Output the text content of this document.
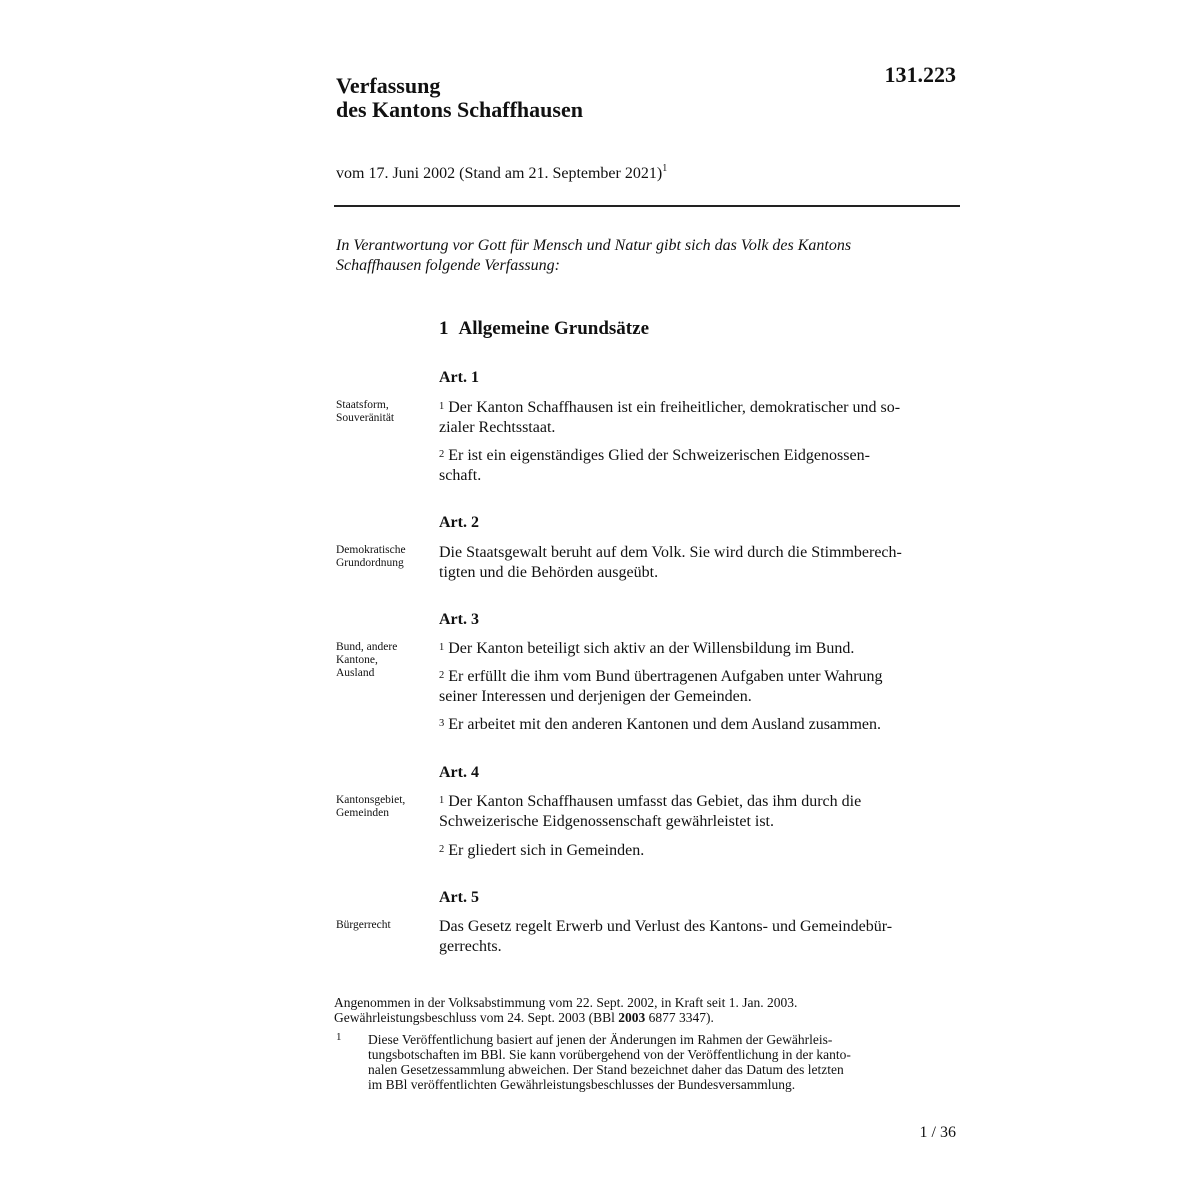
Verfassung
des Kantons Schaffhausen
131.223
vom 17. Juni 2002 (Stand am 21. September 2021)$^1$
In Verantwortung vor Gott für Mensch und Natur gibt sich das Volk des Kantons
Schaffhausen folgende Verfassung:
1 Allgemeine Grundsätze
Art. 1
Staatsform,
Souveränität
$^1$ Der Kanton Schaffhausen ist ein freiheitlicher, demokratischer und so-
zialer Rechtsstaat.
$^2$ Er ist ein eigenständiges Glied der Schweizerischen Eidgenossen-
schaft.
Art. 2
Demokratische
Grundordnung
Die Staatsgewalt beruht auf dem Volk. Sie wird durch die Stimmberech-
tigten und die Behörden ausgeübt.
Art. 3
Bund, andere
Kantone,
Ausland
$^1$ Der Kanton beteiligt sich aktiv an der Willensbildung im Bund.
$^2$ Er erfüllt die ihm vom Bund übertragenen Aufgaben unter Wahrung
seiner Interessen und derjenigen der Gemeinden.
$^3$ Er arbeitet mit den anderen Kantonen und dem Ausland zusammen.
Art. 4
Kantonsgebiet,
Gemeinden
$^1$ Der Kanton Schaffhausen umfasst das Gebiet, das ihm durch die
Schweizerische Eidgenossenschaft gewährleistet ist.
$^2$ Er gliedert sich in Gemeinden.
Art. 5
Bürgerrecht	Das Gesetz regelt Erwerb und Verlust des Kantons- und Gemeindebür-
gerrechts.
Angenommen in der Volksabstimmung vom 22. Sept. 2002, in Kraft seit 1. Jan. 2003.
Gewährleistungsbeschluss vom 24. Sept. 2003 (BBl 2003 6877 3347).
1 Diese Veröffentlichung basiert auf jenen der Änderungen im Rahmen der Gewährleis-
tungsbotschaften im BBl. Sie kann vorübergehend von der Veröffentlichung in der kanto-
nalen Gesetzessammlung abweichen. Der Stand bezeichnet daher das Datum des letzten
im BBl veröffentlichten Gewährleistungsbeschlusses der Bundesversammlung.
1 / 36
